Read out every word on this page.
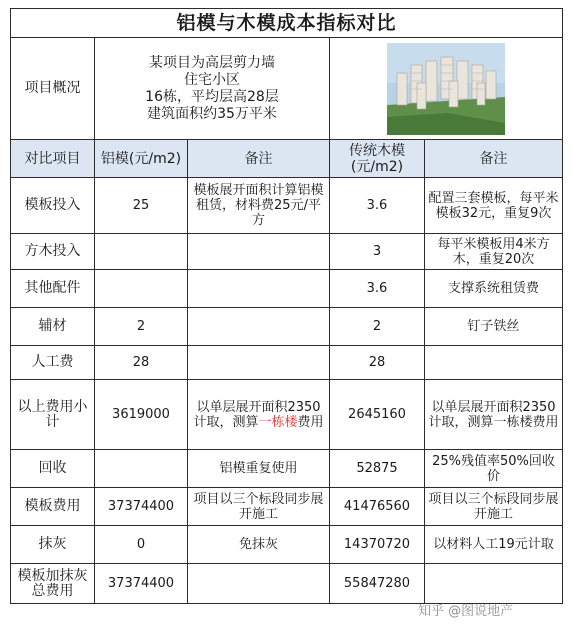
铝模与木模成本指标对比				
项目概况	某项目为高层剪力墙
住宅小区
16栋，平均层高28层
建筑面积约35万平米

对比项目	铝模(元/m2)	备注	传统木模(元/m2)	备注
模板投入	25	模板展开面积计算铝模租赁，材料费25元/平方	3.6	配置三套模板，每平米模板32元，重复9次
方木投入			3	每平米模板用4米方木，重复20次
其他配件			3.6	支撑系统租赁费
辅材	2		2	钉子铁丝
人工费	28		28	
以上费用小计	3619000	以单层展开面积2350计取，测算一栋楼费用	2645160	以单层展开面积2350计取，测算一栋楼费用
回收		铝模重复使用	52875	25%残值率50%回收价
模板费用	37374400	项目以三个标段同步展开施工	41476560	项目以三个标段同步展开施工
抹灰	0	免抹灰	14370720	以材料人工19元计取
模板加抹灰总费用	37374400		55847280	
知乎 @图说地产
